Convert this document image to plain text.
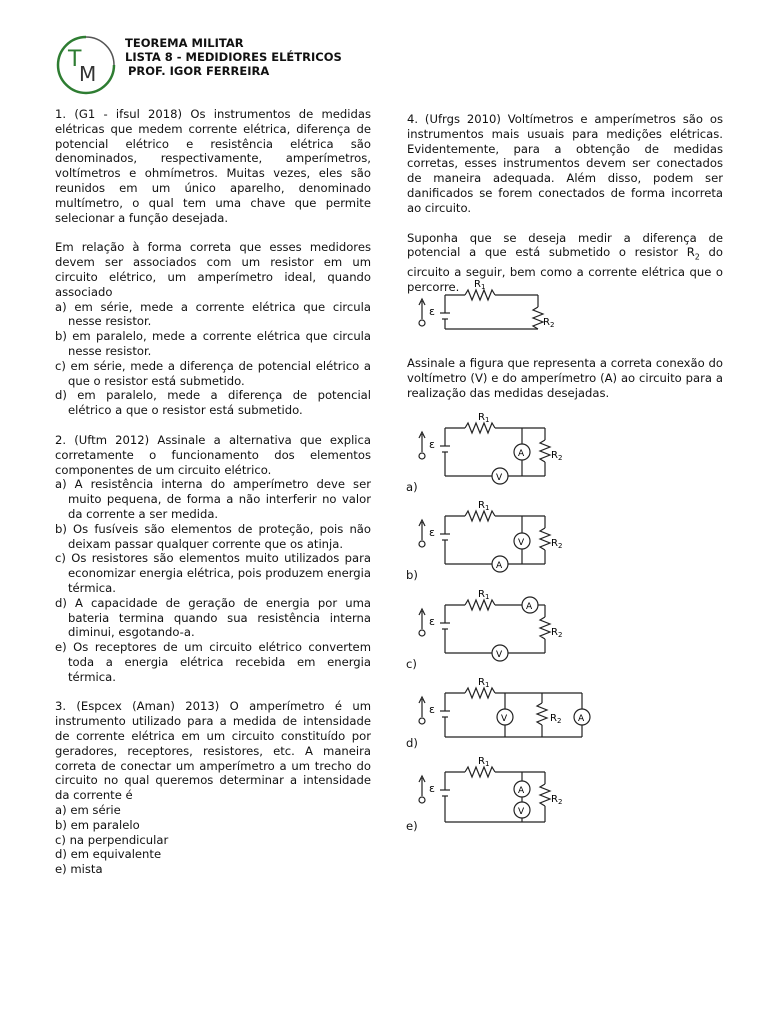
T
M
TEOREMA MILITAR
LISTA 8 - MEDIDIORES ELÉTRICOS
PROF. IGOR FERREIRA

1. (G1 - ifsul 2018) Os instrumentos de medidas elétricas que medem corrente elétrica, diferença de potencial elétrico e resistência elétrica são denominados, respectivamente, amperímetros, voltímetros e ohmímetros. Muitas vezes, eles são reunidos em um único aparelho, denominado multímetro, o qual tem uma chave que permite selecionar a função desejada.

Em relação à forma correta que esses medidores devem ser associados com um resistor em um circuito elétrico, um amperímetro ideal, quando associado

a) em série, mede a corrente elétrica que circula nesse resistor.

b) em paralelo, mede a corrente elétrica que circula nesse resistor.

c) em série, mede a diferença de potencial elétrico a que o resistor está submetido.

d) em paralelo, mede a diferença de potencial elétrico a que o resistor está submetido.

2. (Uftm 2012) Assinale a alternativa que explica corretamente o funcionamento dos elementos componentes de um circuito elétrico.

a) A resistência interna do amperímetro deve ser muito pequena, de forma a não interferir no valor da corrente a ser medida.

b) Os fusíveis são elementos de proteção, pois não deixam passar qualquer corrente que os atinja.

c) Os resistores são elementos muito utilizados para economizar energia elétrica, pois produzem energia térmica.

d) A capacidade de geração de energia por uma bateria termina quando sua resistência interna diminui, esgotando-a.

e) Os receptores de um circuito elétrico convertem toda a energia elétrica recebida em energia térmica.

3. (Espcex (Aman) 2013) O amperímetro é um instrumento utilizado para a medida de intensidade de corrente elétrica em um circuito constituído por geradores, receptores, resistores, etc. A maneira correta de conectar um amperímetro a um trecho do circuito no qual queremos determinar a intensidade da corrente é

a) em série

b) em paralelo

c) na perpendicular

d) em equivalente

e) mista

4. (Ufrgs 2010) Voltímetros e amperímetros são os instrumentos mais usuais para medições elétricas. Evidentemente, para a obtenção de medidas corretas, esses instrumentos devem ser conectados de maneira adequada. Além disso, podem ser danificados se forem conectados de forma incorreta ao circuito.

Suponha que se deseja medir a diferença de potencial a que está submetido o resistor $R_2$ do circuito a seguir, bem como a corrente elétrica que o percorre.

Assinale a figura que representa a correta conexão do voltímetro (V) e do amperímetro (A) ao circuito para a realização das medidas desejadas.

ε
$R_1$
$R_2$
ε
$R_1$
A
V
$R_2$
a)
ε
$R_1$
V
A
$R_2$
b)
ε
$R_1$
A
V
$R_2$
c)
ε
$R_1$
V	$R_2$ A
d)
ε
$R_1$
A
V
$R_2$
e)
